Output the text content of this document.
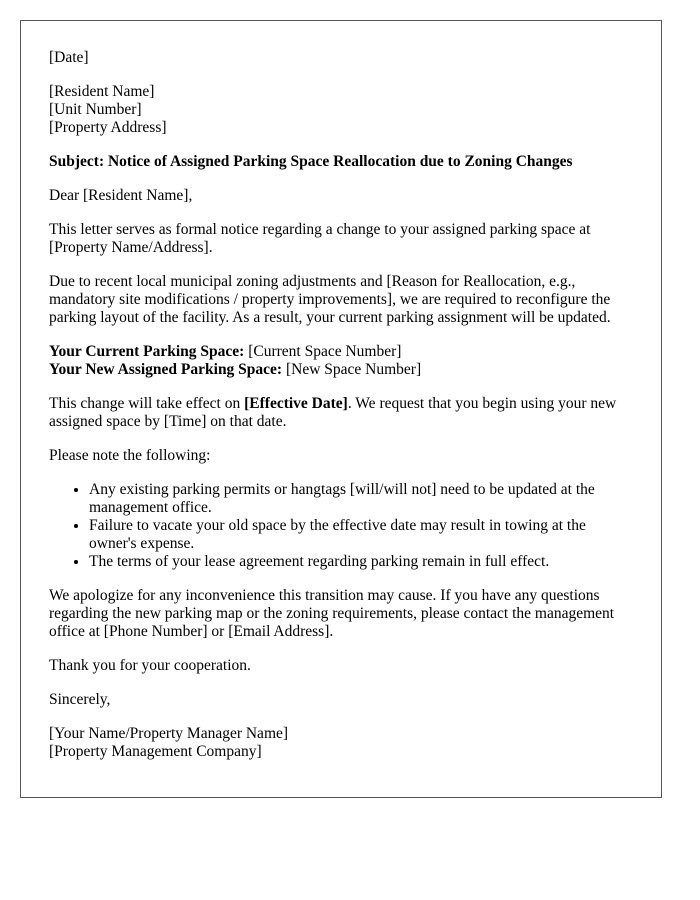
[Date]

[Resident Name]
[Unit Number]
[Property Address]

Subject: Notice of Assigned Parking Space Reallocation due to Zoning Changes

Dear [Resident Name],

This letter serves as formal notice regarding a change to your assigned parking space at [Property Name/Address].

Due to recent local municipal zoning adjustments and [Reason for Reallocation, e.g., mandatory site modifications / property improvements], we are required to reconfigure the parking layout of the facility. As a result, your current parking assignment will be updated.

Your Current Parking Space: [Current Space Number]
Your New Assigned Parking Space: [New Space Number]

This change will take effect on [Effective Date]. We request that you begin using your new assigned space by [Time] on that date.

Please note the following:

• Any existing parking permits or hangtags [will/will not] need to be updated at the management office.
• Failure to vacate your old space by the effective date may result in towing at the owner's expense.
• The terms of your lease agreement regarding parking remain in full effect.

We apologize for any inconvenience this transition may cause. If you have any questions regarding the new parking map or the zoning requirements, please contact the management office at [Phone Number] or [Email Address].

Thank you for your cooperation.

Sincerely,

[Your Name/Property Manager Name]
[Property Management Company]
